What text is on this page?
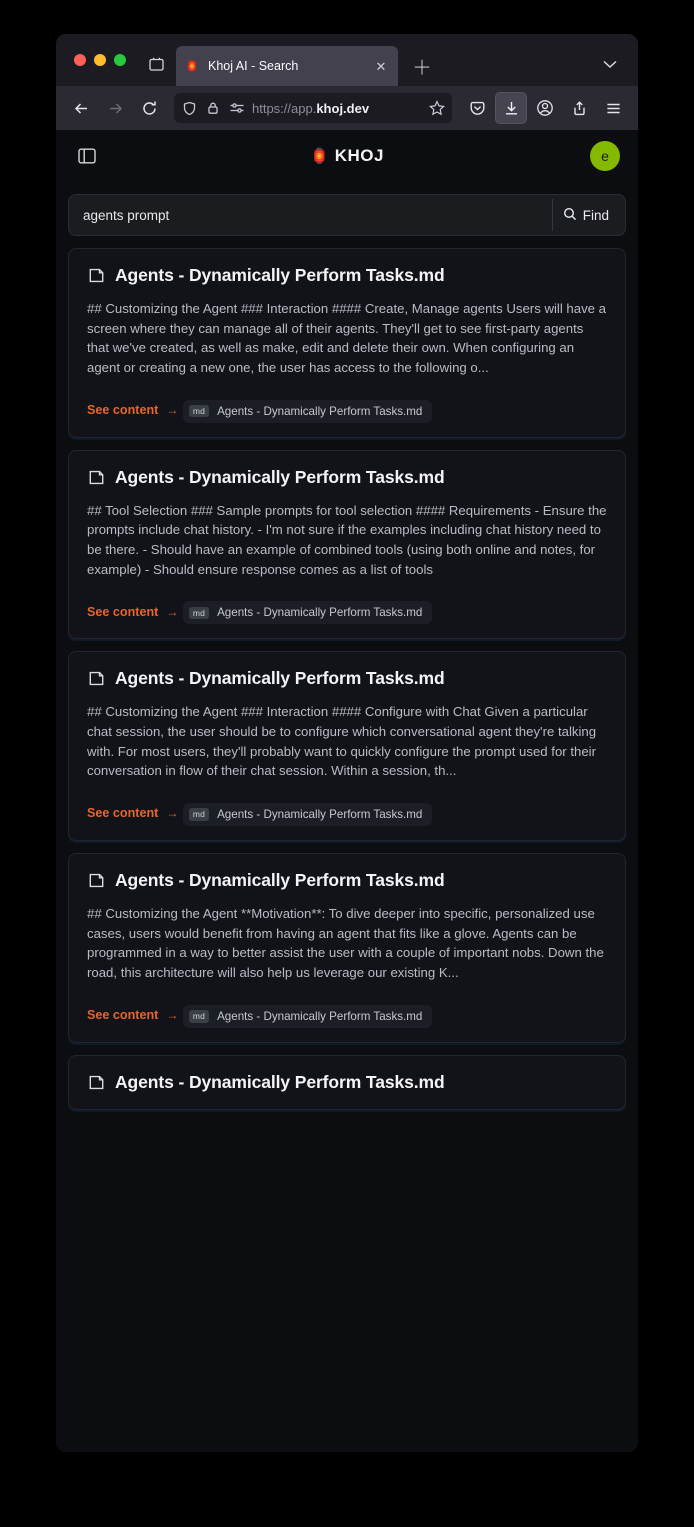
🏮 Khoj AI - Search	✕	＋
https://app.khoj.dev
🏮 KHOJ	e
agents prompt
Find
Agents - Dynamically Perform Tasks.md
## Customizing the Agent ### Interaction #### Create, Manage agents Users will have a screen where they can manage all of their agents. They'll get to see first-party agents that we've created, as well as make, edit and delete their own. When configuring an agent or creating a new one, the user has access to the following o...
See content →
	md	Agents - Dynamically Perform Tasks.md
Agents - Dynamically Perform Tasks.md
## Tool Selection ### Sample prompts for tool selection #### Requirements - Ensure the prompts include chat history. - I'm not sure if the examples including chat history need to be there. - Should have an example of combined tools (using both online and notes, for example) - Should ensure response comes as a list of tools
See content →
	md	Agents - Dynamically Perform Tasks.md
Agents - Dynamically Perform Tasks.md
## Customizing the Agent ### Interaction #### Configure with Chat Given a particular chat session, the user should be to configure which conversational agent they're talking with. For most users, they'll probably want to quickly configure the prompt used for their conversation in flow of their chat session. Within a session, th...
See content →
	md	Agents - Dynamically Perform Tasks.md
Agents - Dynamically Perform Tasks.md
## Customizing the Agent **Motivation**: To dive deeper into specific, personalized use cases, users would benefit from having an agent that fits like a glove. Agents can be programmed in a way to better assist the user with a couple of important nobs. Down the road, this architecture will also help us leverage our existing K...
See content →
	md	Agents - Dynamically Perform Tasks.md
Agents - Dynamically Perform Tasks.md
